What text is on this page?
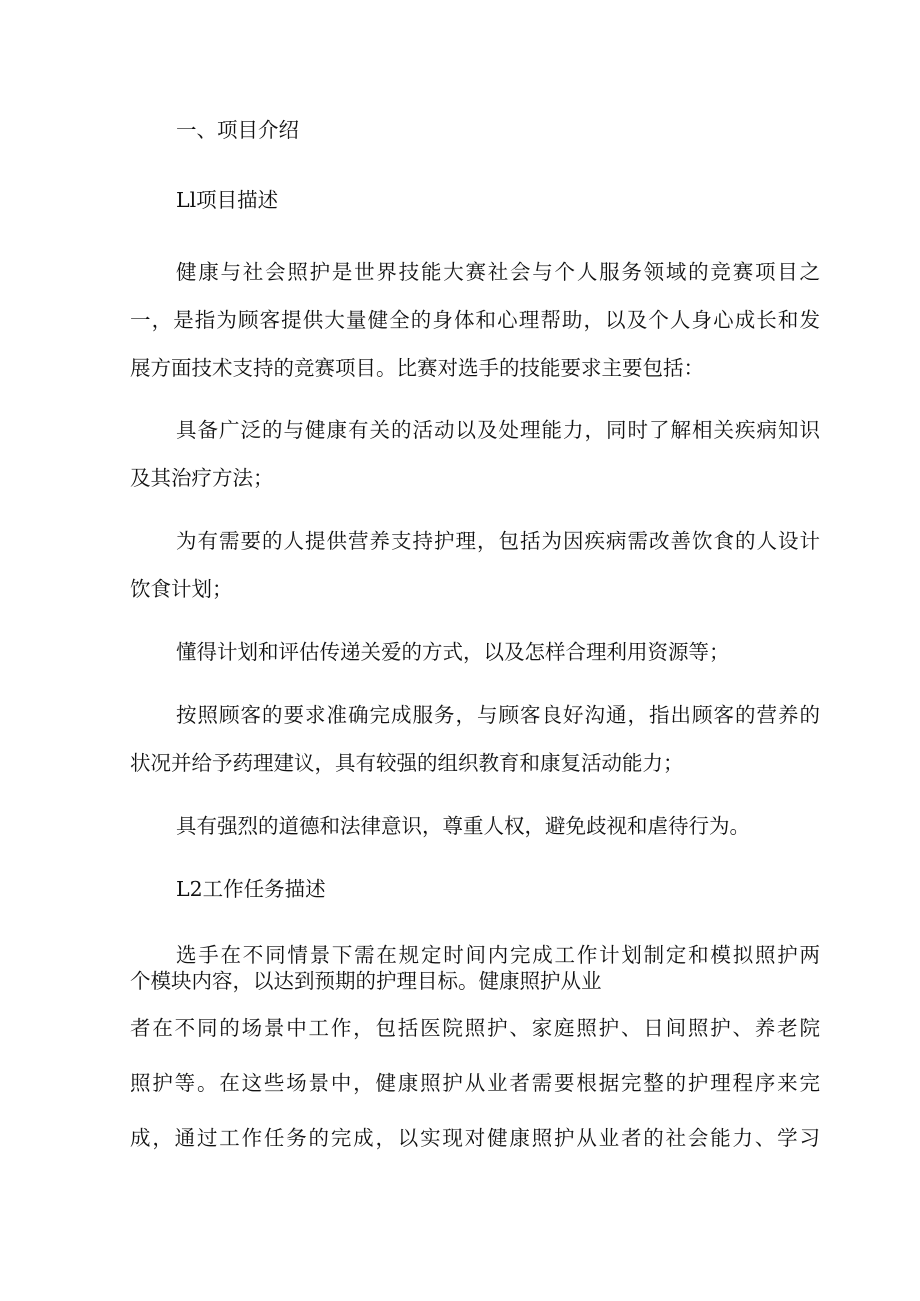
一、项目介绍
Ll项目描述
健康与社会照护是世界技能大赛社会与个人服务领域的竞赛项目之
一，是指为顾客提供大量健全的身体和心理帮助，以及个人身心成长和发
展方面技术支持的竞赛项目。比赛对选手的技能要求主要包括：
具备广泛的与健康有关的活动以及处理能力，同时了解相关疾病知识
及其治疗方法；
为有需要的人提供营养支持护理，包括为因疾病需改善饮食的人设计
饮食计划；
懂得计划和评估传递关爱的方式，以及怎样合理利用资源等；
按照顾客的要求准确完成服务，与顾客良好沟通，指出顾客的营养的
状况并给予药理建议，具有较强的组织教育和康复活动能力；
具有强烈的道德和法律意识，尊重人权，避免歧视和虐待行为。
L2工作任务描述
选手在不同情景下需在规定时间内完成工作计划制定和模拟照护两
个模块内容，以达到预期的护理目标。健康照护从业
者在不同的场景中工作，包括医院照护、家庭照护、日间照护、养老院
照护等。在这些场景中，健康照护从业者需要根据完整的护理程序来完
成，通过工作任务的完成，以实现对健康照护从业者的社会能力、学习
